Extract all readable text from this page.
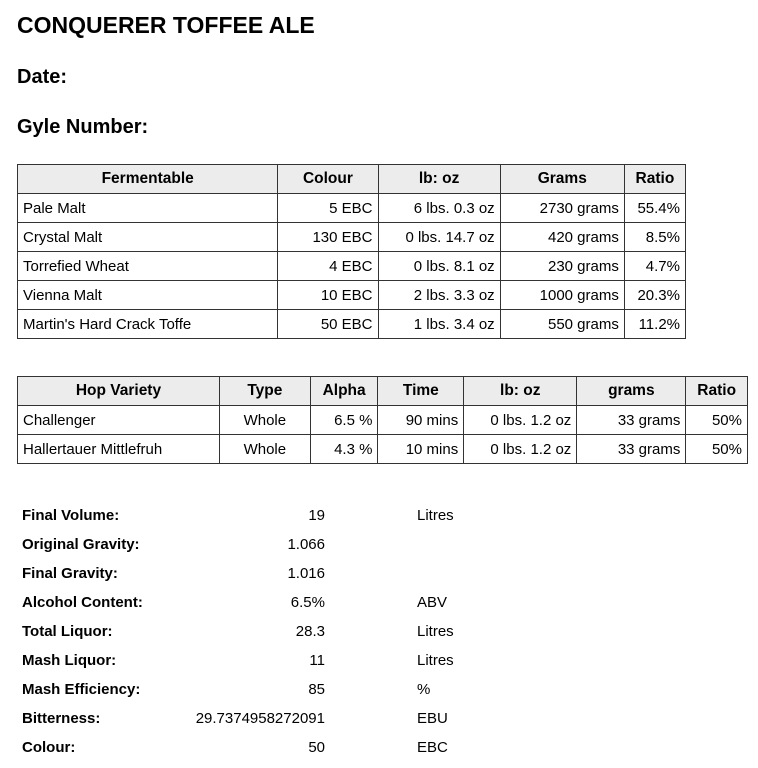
CONQUERER TOFFEE ALE
Date:
Gyle Number:
Fermentable	Colour	lb: oz	Grams	Ratio
Pale Malt	5 EBC	6 lbs. 0.3 oz	2730 grams	55.4%
Crystal Malt	130 EBC	0 lbs. 14.7 oz	420 grams	8.5%
Torrefied Wheat	4 EBC	0 lbs. 8.1 oz	230 grams	4.7%
Vienna Malt	10 EBC	2 lbs. 3.3 oz	1000 grams	20.3%
Martin's Hard Crack Toffe	50 EBC	1 lbs. 3.4 oz	550 grams	11.2%
Hop Variety	Type	Alpha	Time	lb: oz	grams	Ratio
Challenger	Whole	6.5 %	90 mins	0 lbs. 1.2 oz	33 grams	50%
Hallertauer Mittlefruh	Whole	4.3 %	10 mins	0 lbs. 1.2 oz	33 grams	50%
Final Volume:	19	Litres
Original Gravity:	1.066	
Final Gravity:	1.016	
Alcohol Content:	6.5%	ABV
Total Liquor:	28.3	Litres
Mash Liquor:	11	Litres
Mash Efficiency:	85	%
Bitterness:	29.7374958272091	EBU
Colour:	50	EBC
